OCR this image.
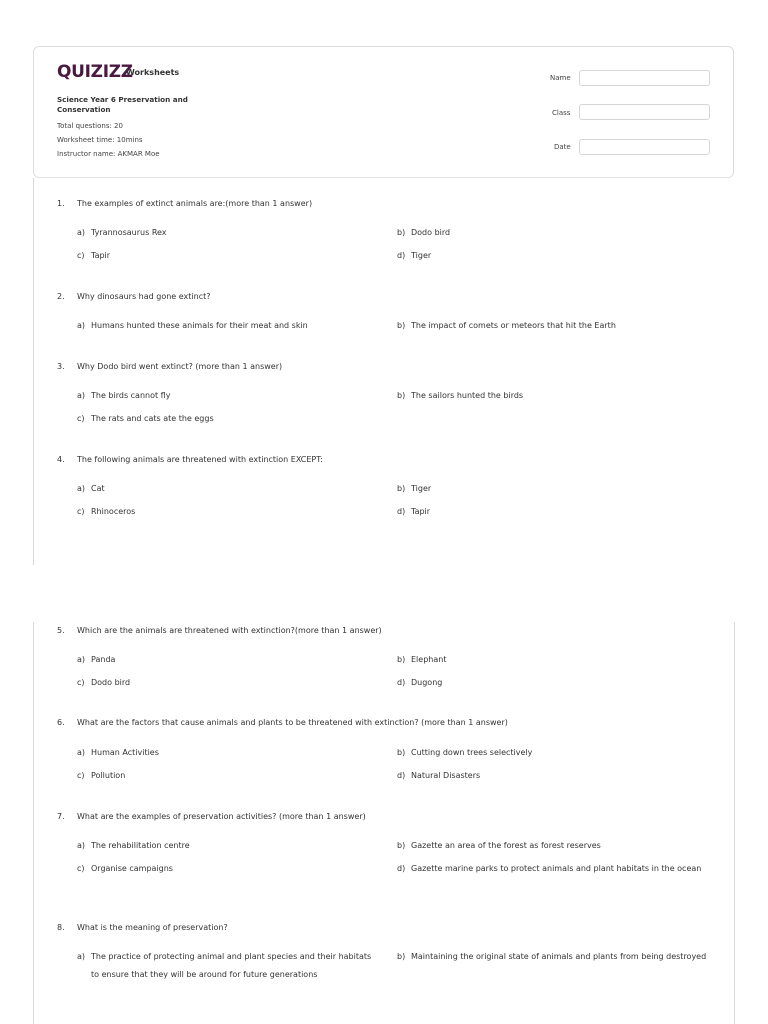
QUIZIZZ
Worksheets
Science Year 6 Preservation and Conservation
Total questions: 20
Worksheet time: 10mins
Instructor name: AKMAR Moe
Name
Class
Date
1. The examples of extinct animals are:(more than 1 answer)
a) Tyrannosaurus Rex	b) Dodo bird
c) Tapir	d) Tiger
2. Why dinosaurs had gone extinct?
a) Humans hunted these animals for their meat and skin	b) The impact of comets or meteors that hit the Earth
3. Why Dodo bird went extinct? (more than 1 answer)
a) The birds cannot fly	b) The sailors hunted the birds
c) The rats and cats ate the eggs
4. The following animals are threatened with extinction EXCEPT:
a) Cat	b) Tiger
c) Rhinoceros	d) Tapir
5. Which are the animals are threatened with extinction?(more than 1 answer)
a) Panda	b) Elephant
c) Dodo bird	d) Dugong
6. What are the factors that cause animals and plants to be threatened with extinction? (more than 1 answer)
a) Human Activities	b) Cutting down trees selectively
c) Pollution	d) Natural Disasters
7. What are the examples of preservation activities? (more than 1 answer)
a) The rehabilitation centre	b) Gazette an area of the forest as forest reserves
c) Organise campaigns	d) Gazette marine parks to protect animals and plant habitats in the ocean
8. What is the meaning of preservation?
a) The practice of protecting animal and plant species and their habitats to ensure that they will be around for future generations
b) Maintaining the original state of animals and plants from being destroyed
